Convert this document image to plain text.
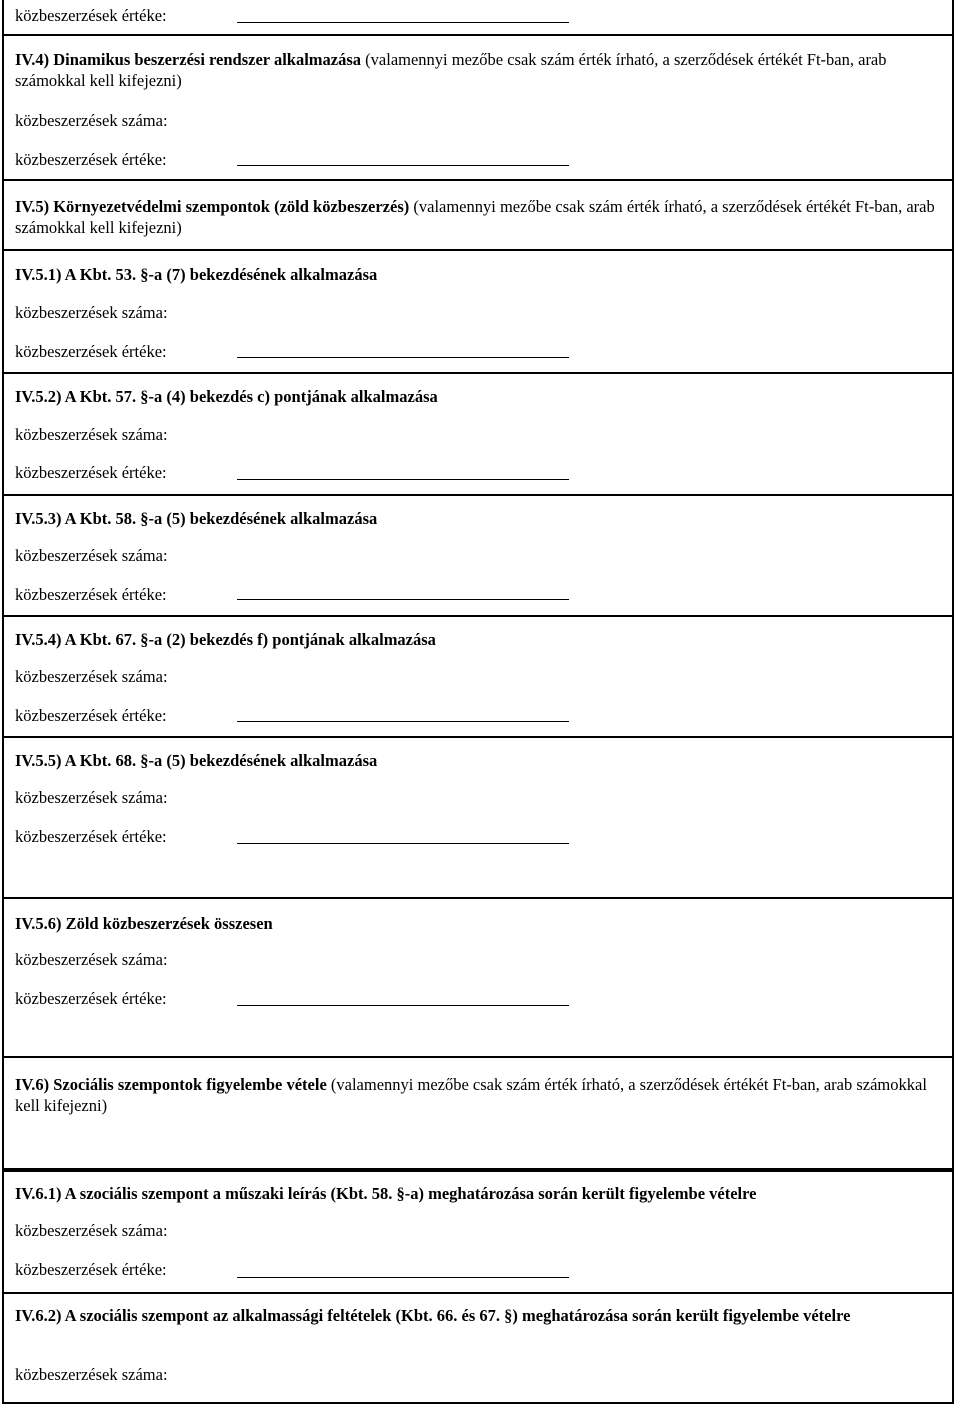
közbeszerzések értéke:
IV.4) Dinamikus beszerzési rendszer alkalmazása (valamennyi mezőbe csak szám érték írható, a szerződések értékét Ft-ban, arab számokkal kell kifejezni)
közbeszerzések száma:
közbeszerzések értéke:
IV.5) Környezetvédelmi szempontok (zöld közbeszerzés) (valamennyi mezőbe csak szám érték írható, a szerződések értékét Ft-ban, arab számokkal kell kifejezni)
IV.5.1) A Kbt. 53. §-a (7) bekezdésének alkalmazása
közbeszerzések száma:
közbeszerzések értéke:
IV.5.2) A Kbt. 57. §-a (4) bekezdés c) pontjának alkalmazása
közbeszerzések száma:
közbeszerzések értéke:
IV.5.3) A Kbt. 58. §-a (5) bekezdésének alkalmazása
közbeszerzések száma:
közbeszerzések értéke:
IV.5.4) A Kbt. 67. §-a (2) bekezdés f) pontjának alkalmazása
közbeszerzések száma:
közbeszerzések értéke:
IV.5.5) A Kbt. 68. §-a (5) bekezdésének alkalmazása
közbeszerzések száma:
közbeszerzések értéke:
IV.5.6) Zöld közbeszerzések összesen
közbeszerzések száma:
közbeszerzések értéke:
IV.6) Szociális szempontok figyelembe vétele (valamennyi mezőbe csak szám érték írható, a szerződések értékét Ft-ban, arab számokkal kell kifejezni)
IV.6.1) A szociális szempont a műszaki leírás (Kbt. 58. §-a) meghatározása során került figyelembe vételre
közbeszerzések száma:
közbeszerzések értéke:
IV.6.2) A szociális szempont az alkalmassági feltételek (Kbt. 66. és 67. §) meghatározása során került figyelembe vételre
közbeszerzések száma:
